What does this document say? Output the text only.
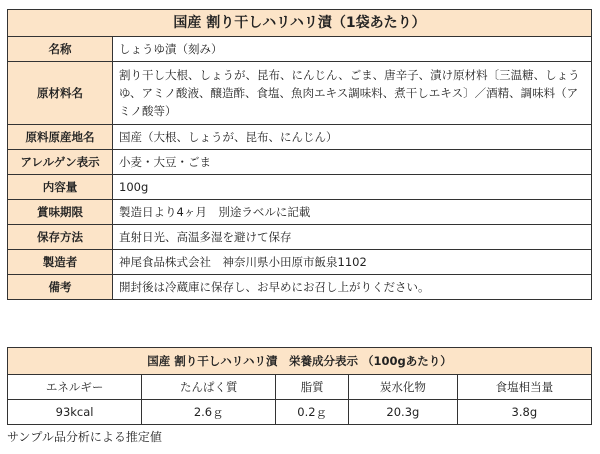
国産 割り干しハリハリ漬（1袋あたり）	
名称	しょうゆ漬（刻み）
原材料名	割り干し大根、しょうが、昆布、にんじん、ごま、唐辛子、漬け原材料〔三温糖、しょうゆ、アミノ酸液、醸造酢、食塩、魚肉エキス調味料、煮干しエキス〕／酒精、調味料（アミノ酸等）
原料原産地名	国産（大根、しょうが、昆布、にんじん）
アレルゲン表示	小麦・大豆・ごま
内容量	100g
賞味期限	製造日より4ヶ月　別途ラベルに記載
保存方法	直射日光、高温多湿を避けて保存
製造者	神尾食品株式会社　神奈川県小田原市飯泉1102
備考	開封後は冷蔵庫に保存し、お早めにお召し上がりください。
国産 割り干しハリハリ漬　栄養成分表示 （100gあたり）				
エネルギー	たんぱく質	脂質	炭水化物	食塩相当量
93kcal	2.6ｇ	0.2ｇ	20.3g	3.8g
サンプル品分析による推定値
